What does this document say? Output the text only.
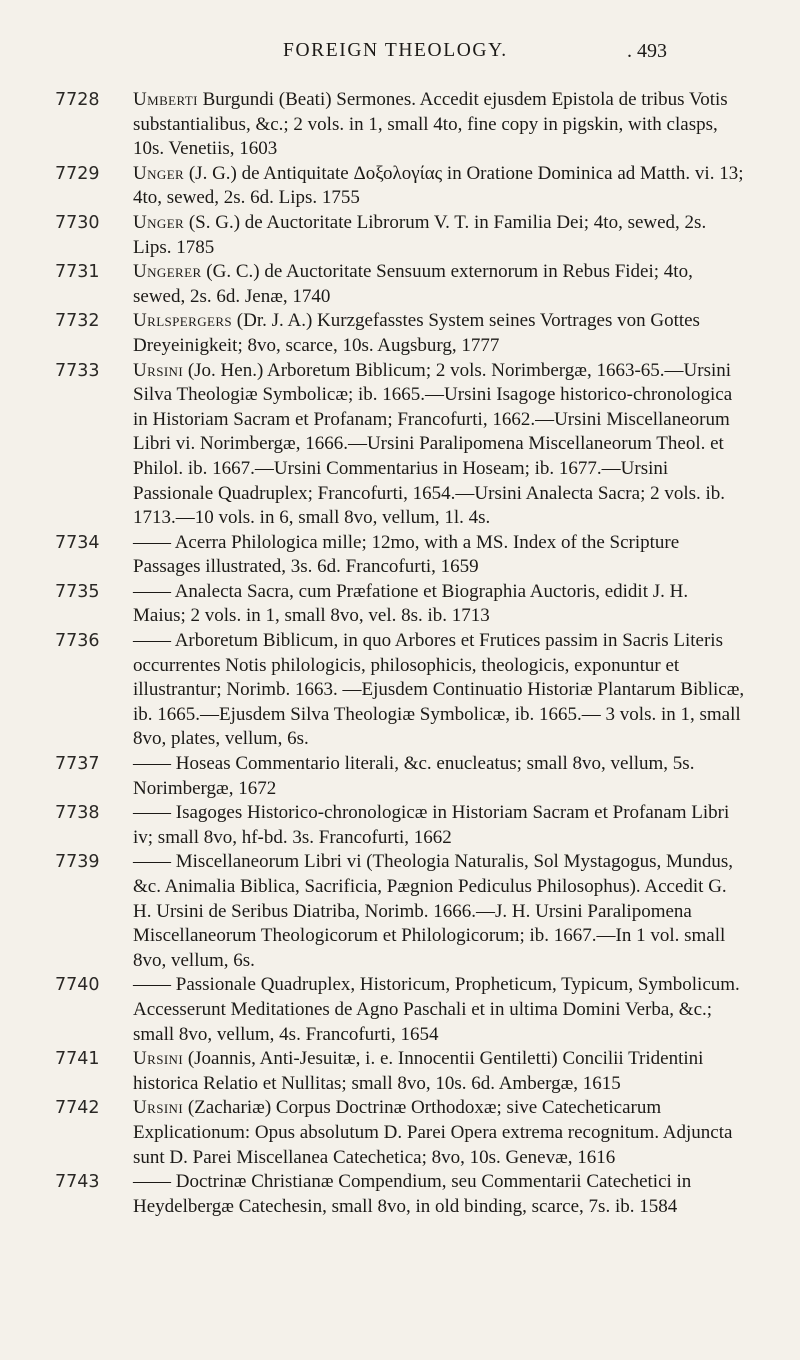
FOREIGN THEOLOGY.	. 493
7728	Umberti Burgundi (Beati) Sermones. Accedit ejusdem Epistola de tribus Votis substantialibus, &c.; 2 vols. in 1, small 4to, fine copy in pigskin, with clasps, 10s. Venetiis, 1603
7729	Unger (J. G.) de Antiquitate Δοξολογίας in Oratione Dominica ad Matth. vi. 13; 4to, sewed, 2s. 6d. Lips. 1755
7730	Unger (S. G.) de Auctoritate Librorum V. T. in Familia Dei; 4to, sewed, 2s. Lips. 1785
7731	Ungerer (G. C.) de Auctoritate Sensuum externorum in Rebus Fidei; 4to, sewed, 2s. 6d. Jenæ, 1740
7732	Urlspergers (Dr. J. A.) Kurzgefasstes System seines Vortrages von Gottes Dreyeinigkeit; 8vo, scarce, 10s. Augsburg, 1777
7733	Ursini (Jo. Hen.) Arboretum Biblicum; 2 vols. Norimbergæ, 1663-65.—Ursini Silva Theologiæ Symbolicæ; ib. 1665.—Ursini Isagoge historico-chronologica in Historiam Sacram et Profanam; Francofurti, 1662.—Ursini Miscellaneorum Libri vi. Norimbergæ, 1666.—Ursini Paralipomena Miscellaneorum Theol. et Philol. ib. 1667.—Ursini Commentarius in Hoseam; ib. 1677.—Ursini Passionale Quadruplex; Francofurti, 1654.—Ursini Analecta Sacra; 2 vols. ib. 1713.—10 vols. in 6, small 8vo, vellum, 1l. 4s.
7734	—— Acerra Philologica mille; 12mo, with a MS. Index of the Scripture Passages illustrated, 3s. 6d. Francofurti, 1659
7735	—— Analecta Sacra, cum Præfatione et Biographia Auctoris, edidit J. H. Maius; 2 vols. in 1, small 8vo, vel. 8s. ib. 1713
7736	—— Arboretum Biblicum, in quo Arbores et Frutices passim in Sacris Literis occurrentes Notis philologicis, philosophicis, theologicis, exponuntur et illustrantur; Norimb. 1663. —Ejusdem Continuatio Historiæ Plantarum Biblicæ, ib. 1665.—Ejusdem Silva Theologiæ Symbolicæ, ib. 1665.— 3 vols. in 1, small 8vo, plates, vellum, 6s.
7737	—— Hoseas Commentario literali, &c. enucleatus; small 8vo, vellum, 5s. Norimbergæ, 1672
7738	—— Isagoges Historico-chronologicæ in Historiam Sacram et Profanam Libri iv; small 8vo, hf-bd. 3s. Francofurti, 1662
7739	—— Miscellaneorum Libri vi (Theologia Naturalis, Sol Mystagogus, Mundus, &c. Animalia Biblica, Sacrificia, Pægnion Pediculus Philosophus). Accedit G. H. Ursini de Seribus Diatriba, Norimb. 1666.—J. H. Ursini Paralipomena Miscellaneorum Theologicorum et Philologicorum; ib. 1667.—In 1 vol. small 8vo, vellum, 6s.
7740	—— Passionale Quadruplex, Historicum, Propheticum, Typicum, Symbolicum. Accesserunt Meditationes de Agno Paschali et in ultima Domini Verba, &c.; small 8vo, vellum, 4s. Francofurti, 1654
7741	Ursini (Joannis, Anti-Jesuitæ, i. e. Innocentii Gentiletti) Concilii Tridentini historica Relatio et Nullitas; small 8vo, 10s. 6d. Ambergæ, 1615
7742	Ursini (Zachariæ) Corpus Doctrinæ Orthodoxæ; sive Catecheticarum Explicationum: Opus absolutum D. Parei Opera extrema recognitum. Adjuncta sunt D. Parei Miscellanea Catechetica; 8vo, 10s. Genevæ, 1616
7743	—— Doctrinæ Christianæ Compendium, seu Commentarii Catechetici in Heydelbergæ Catechesin, small 8vo, in old binding, scarce, 7s. ib. 1584
